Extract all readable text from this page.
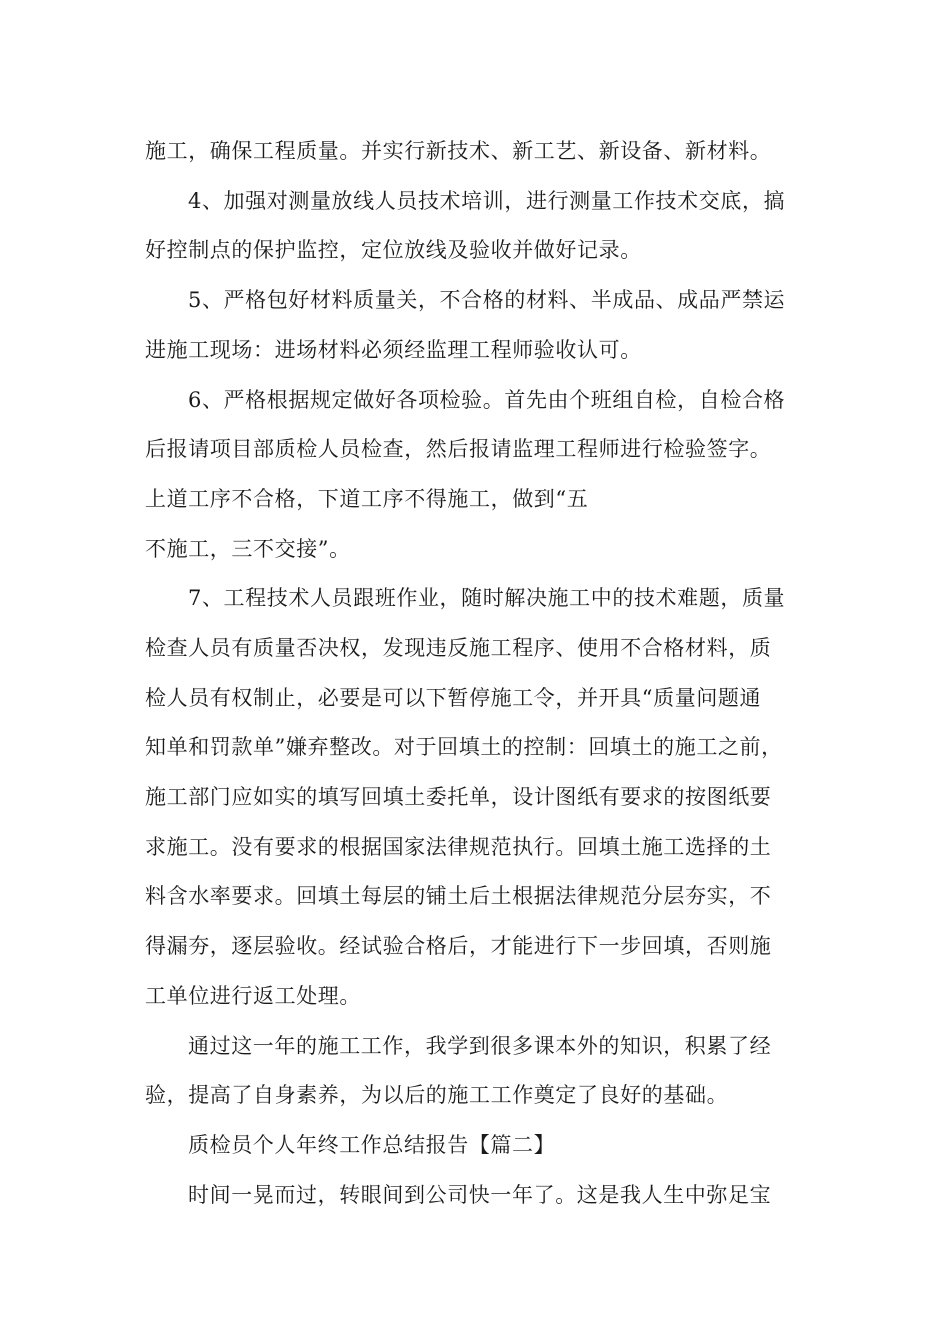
施工，确保工程质量。并实行新技术、新工艺、新设备、新材料。
4、加强对测量放线人员技术培训，进行测量工作技术交底，搞
好控制点的保护监控，定位放线及验收并做好记录。
5、严格包好材料质量关，不合格的材料、半成品、成品严禁运
进施工现场：进场材料必须经监理工程师验收认可。
6、严格根据规定做好各项检验。首先由个班组自检，自检合格
后报请项目部质检人员检查，然后报请监理工程师进行检验签字。
上道工序不合格，下道工序不得施工，做到“五
不施工，三不交接”。
7、工程技术人员跟班作业，随时解决施工中的技术难题，质量
检查人员有质量否决权，发现违反施工程序、使用不合格材料，质
检人员有权制止，必要是可以下暂停施工令，并开具“质量问题通
知单和罚款单”嫌弃整改。对于回填土的控制：回填土的施工之前，
施工部门应如实的填写回填土委托单，设计图纸有要求的按图纸要
求施工。没有要求的根据国家法律规范执行。回填土施工选择的土
料含水率要求。回填土每层的铺土后土根据法律规范分层夯实，不
得漏夯，逐层验收。经试验合格后，才能进行下一步回填，否则施
工单位进行返工处理。
通过这一年的施工工作，我学到很多课本外的知识，积累了经
验，提高了自身素养，为以后的施工工作奠定了良好的基础。
质检员个人年终工作总结报告【篇二】
时间一晃而过，转眼间到公司快一年了。这是我人生中弥足宝
